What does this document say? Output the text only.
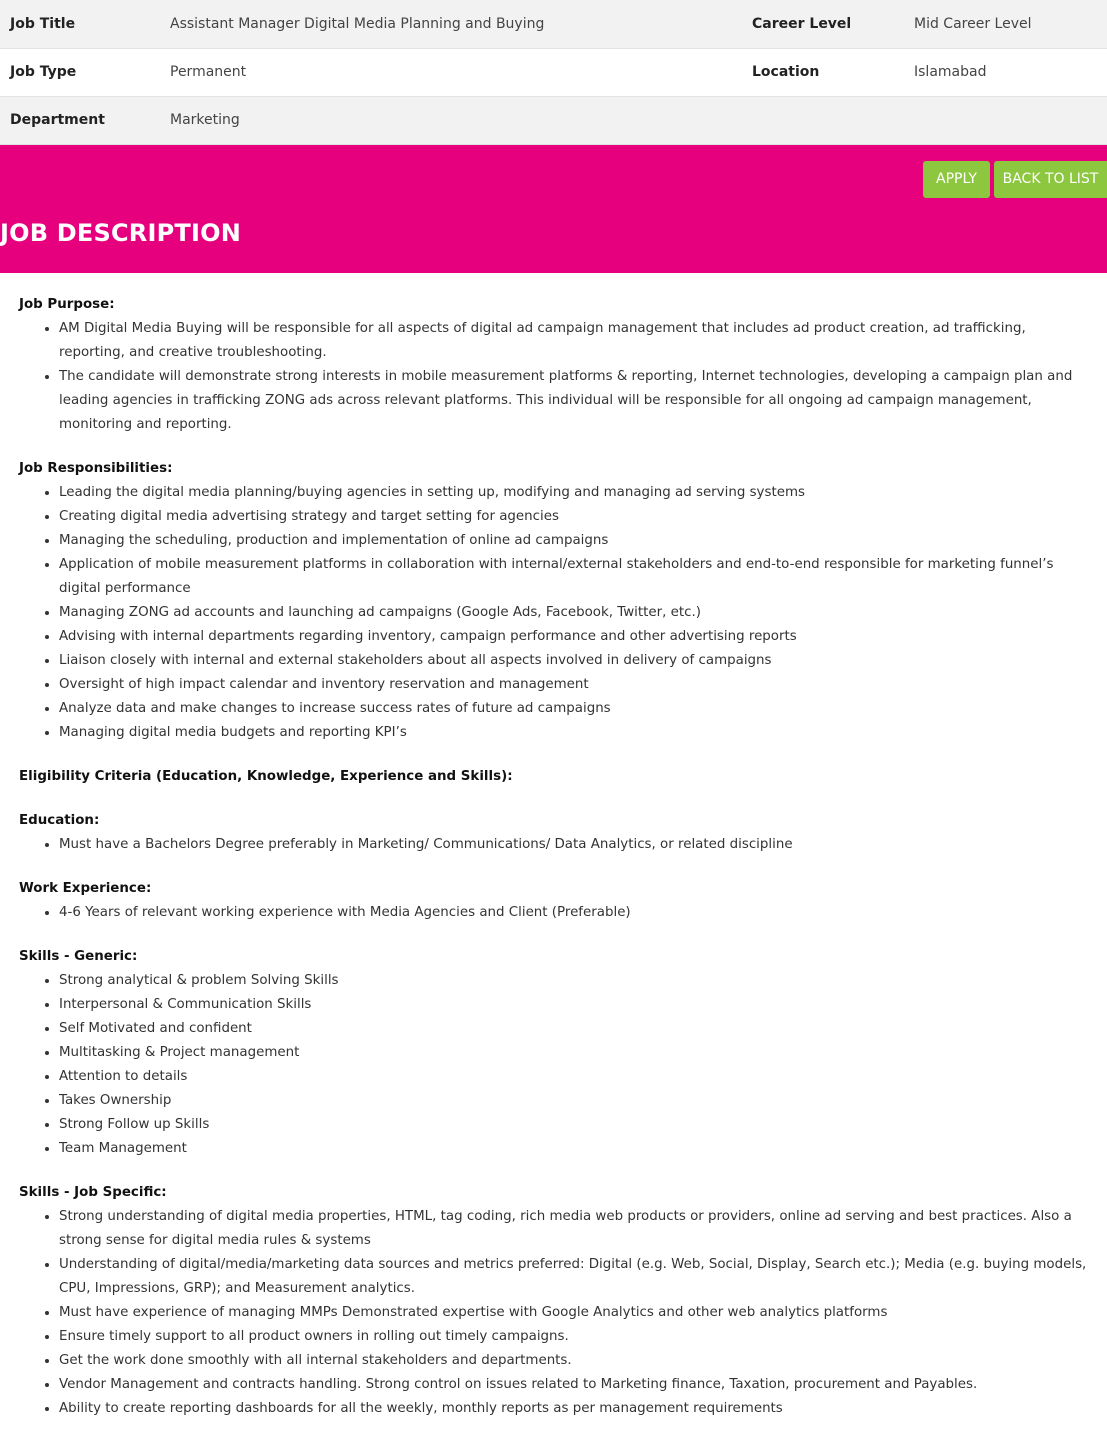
Job Title	Assistant Manager Digital Media Planning and Buying	Career Level	Mid Career Level
Job Type	Permanent	Location	Islamabad
Department	Marketing		
APPLY	BACK TO LIST
JOB DESCRIPTION

Job Purpose:

• AM Digital Media Buying will be responsible for all aspects of digital ad campaign management that includes ad product creation, ad trafficking, reporting, and creative troubleshooting.
• The candidate will demonstrate strong interests in mobile measurement platforms & reporting, Internet technologies, developing a campaign plan and leading agencies in trafficking ZONG ads across relevant platforms. This individual will be responsible for all ongoing ad campaign management, monitoring and reporting.

Job Responsibilities:

• Leading the digital media planning/buying agencies in setting up, modifying and managing ad serving systems
• Creating digital media advertising strategy and target setting for agencies
• Managing the scheduling, production and implementation of online ad campaigns
• Application of mobile measurement platforms in collaboration with internal/external stakeholders and end-to-end responsible for marketing funnel’s digital performance
• Managing ZONG ad accounts and launching ad campaigns (Google Ads, Facebook, Twitter, etc.)
• Advising with internal departments regarding inventory, campaign performance and other advertising reports
• Liaison closely with internal and external stakeholders about all aspects involved in delivery of campaigns
• Oversight of high impact calendar and inventory reservation and management
• Analyze data and make changes to increase success rates of future ad campaigns
• Managing digital media budgets and reporting KPI’s

Eligibility Criteria (Education, Knowledge, Experience and Skills):

Education:

• Must have a Bachelors Degree preferably in Marketing/ Communications/ Data Analytics, or related discipline

Work Experience:

• 4-6 Years of relevant working experience with Media Agencies and Client (Preferable)

Skills - Generic:

• Strong analytical & problem Solving Skills
• Interpersonal & Communication Skills
• Self Motivated and confident
• Multitasking & Project management
• Attention to details
• Takes Ownership
• Strong Follow up Skills
• Team Management

Skills - Job Specific:

• Strong understanding of digital media properties, HTML, tag coding, rich media web products or providers, online ad serving and best practices. Also a strong sense for digital media rules & systems
• Understanding of digital/media/marketing data sources and metrics preferred: Digital (e.g. Web, Social, Display, Search etc.); Media (e.g. buying models, CPU, Impressions, GRP); and Measurement analytics.
• Must have experience of managing MMPs Demonstrated expertise with Google Analytics and other web analytics platforms
• Ensure timely support to all product owners in rolling out timely campaigns.
• Get the work done smoothly with all internal stakeholders and departments.
• Vendor Management and contracts handling. Strong control on issues related to Marketing finance, Taxation, procurement and Payables.
• Ability to create reporting dashboards for all the weekly, monthly reports as per management requirements
